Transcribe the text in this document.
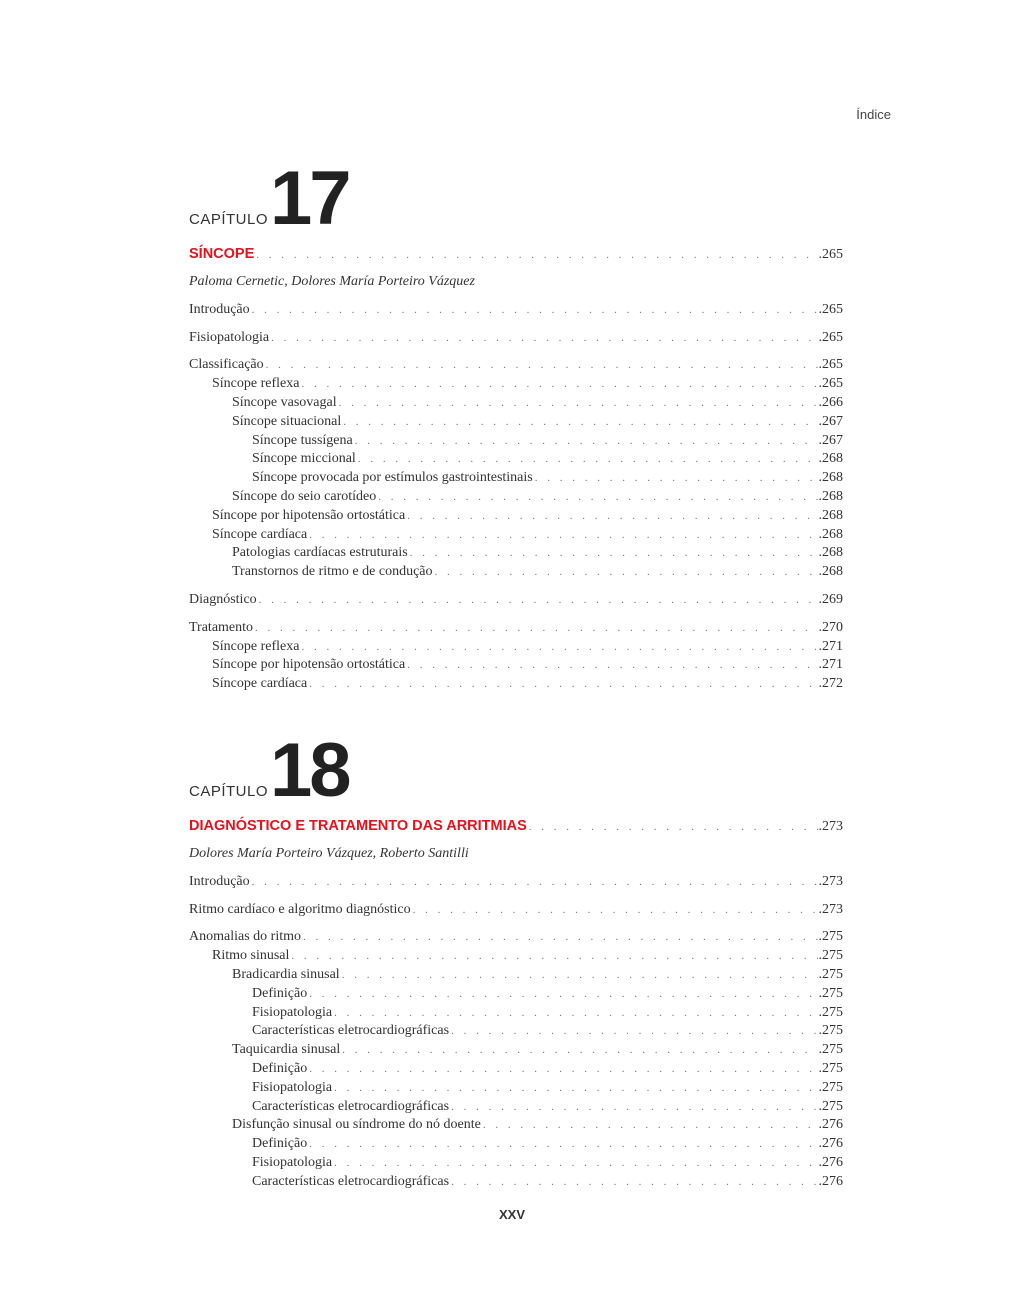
Índice
CAPÍTULO 17
SÍNCOPE . . .	.265
Paloma Cernetic, Dolores María Porteiro Vázquez
Introdução . . .	.265
Fisiopatologia . . .	.265
Classificação . . .	.265
Síncope reflexa . . .	.265
Síncope vasovagal . . .	.266
Síncope situacional . . .	.267
Síncope tussígena . . .	.267
Síncope miccional . . .	.268
Síncope provocada por estímulos gastrointestinais . . .	.268
Síncope do seio carotídeo . . .	.268
Síncope por hipotensão ortostática . . .	.268
Síncope cardíaca . . .	.268
Patologias cardíacas estruturais . . .	.268
Transtornos de ritmo e de condução . . .	.268
Diagnóstico . . .	.269
Tratamento . . .	.270
Síncope reflexa . . .	.271
Síncope por hipotensão ortostática . . .	.271
Síncope cardíaca . . .	.272
CAPÍTULO 18
DIAGNÓSTICO E TRATAMENTO DAS ARRITMIAS . . .	.273
Dolores María Porteiro Vázquez, Roberto Santilli
Introdução . . .	.273
Ritmo cardíaco e algoritmo diagnóstico . . .	.273
Anomalias do ritmo . . .	.275
Ritmo sinusal . . .	.275
Bradicardia sinusal . . .	.275
Definição . . .	.275
Fisiopatologia . . .	.275
Características eletrocardiográficas . . .	.275
Taquicardia sinusal . . .	.275
Definição . . .	.275
Fisiopatologia . . .	.275
Características eletrocardiográficas . . .	.275
Disfunção sinusal ou síndrome do nó doente . . .	.276
Definição . . .	.276
Fisiopatologia . . .	.276
Características eletrocardiográficas . . .	.276
XXV
